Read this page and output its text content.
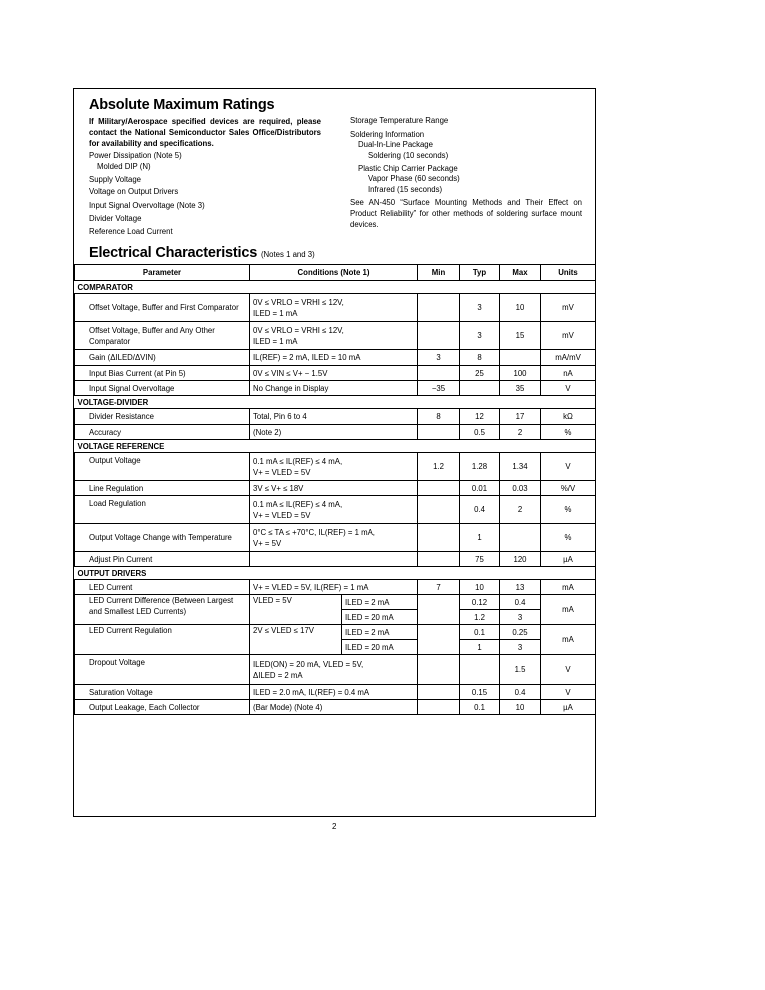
Absolute Maximum Ratings
If Military/Aerospace specified devices are required, please contact the National Semiconductor Sales Office/Distributors for availability and specifications.
Power Dissipation (Note 5)
Molded DIP (N)
Supply Voltage
Voltage on Output Drivers
Input Signal Overvoltage (Note 3)
Divider Voltage
Reference Load Current
Storage Temperature Range
Soldering Information
Dual-In-Line Package
Soldering (10 seconds)
Plastic Chip Carrier Package
Vapor Phase (60 seconds)
Infrared (15 seconds)
See AN-450 “Surface Mounting Methods and Their Effect on Product Reliability” for other methods of soldering surface mount devices.
Electrical Characteristics (Notes 1 and 3)
Parameter	Conditions (Note 1)		Min	Typ	Max	Units
COMPARATOR						
Offset Voltage, Buffer and First Comparator	0V ≤ VRLO = VRHI ≤ 12V,
ILED = 1 mA			3	10	mV
Offset Voltage, Buffer and Any Other Comparator	0V ≤ VRLO = VRHI ≤ 12V,
ILED = 1 mA			3	15	mV
Gain (ΔILED/ΔVIN)	IL(REF) = 2 mA, ILED = 10 mA		3	8		mA/mV
Input Bias Current (at Pin 5)	0V ≤ VIN ≤ V+ − 1.5V			25	100	nA
Input Signal Overvoltage	No Change in Display		−35		35	V
VOLTAGE-DIVIDER						
Divider Resistance	Total, Pin 6 to 4		8	12	17	kΩ
Accuracy	(Note 2)			0.5	2	%
VOLTAGE REFERENCE						
Output Voltage	0.1 mA ≤ IL(REF) ≤ 4 mA,
V+ = VLED = 5V		1.2	1.28	1.34	V
Line Regulation	3V ≤ V+ ≤ 18V			0.01	0.03	%/V
Load Regulation	0.1 mA ≤ IL(REF) ≤ 4 mA,
V+ = VLED = 5V			0.4	2	%
Output Voltage Change with Temperature	0°C ≤ TA ≤ +70°C, IL(REF) = 1 mA,
V+ = 5V			1		%
Adjust Pin Current				75	120	µA
OUTPUT DRIVERS						
LED Current	V+ = VLED = 5V, IL(REF) = 1 mA		7	10	13	mA
LED Current Difference (Between Largest and Smallest LED Currents)	VLED = 5V	ILED = 2 mA		0.12	0.4	mA
		ILED = 20 mA		1.2	3	
LED Current Regulation	2V ≤ VLED ≤ 17V	ILED = 2 mA		0.1	0.25	mA
		ILED = 20 mA		1	3	
Dropout Voltage	ILED(ON) = 20 mA, VLED = 5V,
ΔILED = 2 mA				1.5	V
Saturation Voltage	ILED = 2.0 mA, IL(REF) = 0.4 mA			0.15	0.4	V
Output Leakage, Each Collector	(Bar Mode) (Note 4)			0.1	10	µA
2
